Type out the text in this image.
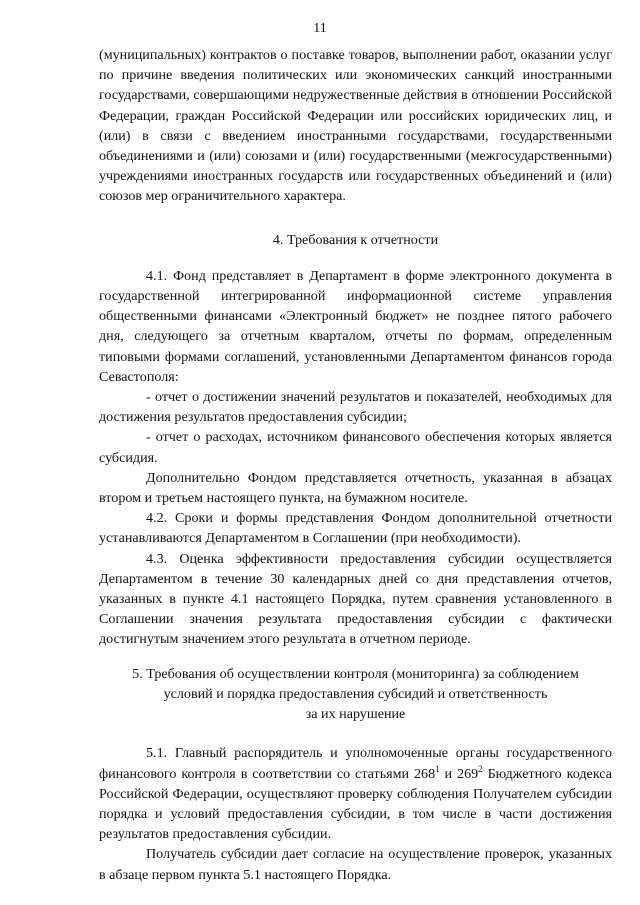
11

(муниципальных) контрактов о поставке товаров, выполнении работ, оказании услуг по причине введения политических или экономических санкций иностранными государствами, совершающими недружественные действия в отношении Российской Федерации, граждан Российской Федерации или российских юридических лиц, и (или) в связи с введением иностранными государствами, государственными объединениями и (или) союзами и (или) государственными (межгосударственными) учреждениями иностранных государств или государственных объединений и (или) союзов мер ограничительного характера.

4. Требования к отчетности

4.1. Фонд представляет в Департамент в форме электронного документа в государственной интегрированной информационной системе управления общественными финансами «Электронный бюджет» не позднее пятого рабочего дня, следующего за отчетным кварталом, отчеты по формам, определенным типовыми формами соглашений, установленными Департаментом финансов города Севастополя:

- отчет о достижении значений результатов и показателей, необходимых для достижения результатов предоставления субсидии;

- отчет о расходах, источником финансового обеспечения которых является субсидия.

Дополнительно Фондом представляется отчетность, указанная в абзацах втором и третьем настоящего пункта, на бумажном носителе.

4.2. Сроки и формы представления Фондом дополнительной отчетности устанавливаются Департаментом в Соглашении (при необходимости).

4.3. Оценка эффективности предоставления субсидии осуществляется Департаментом в течение 30 календарных дней со дня представления отчетов, указанных в пункте 4.1 настоящего Порядка, путем сравнения установленного в Соглашении значения результата предоставления субсидии с фактически достигнутым значением этого результата в отчетном периоде.

5. Требования об осуществлении контроля (мониторинга) за соблюдением
условий и порядка предоставления субсидий и ответственность
за их нарушение

5.1. Главный распорядитель и уполномоченные органы государственного финансового контроля в соответствии со статьями $268^1$ и $269^2$ Бюджетного кодекса Российской Федерации, осуществляют проверку соблюдения Получателем субсидии порядка и условий предоставления субсидии, в том числе в части достижения результатов предоставления субсидии.

Получатель субсидии дает согласие на осуществление проверок, указанных в абзаце первом пункта 5.1 настоящего Порядка.
